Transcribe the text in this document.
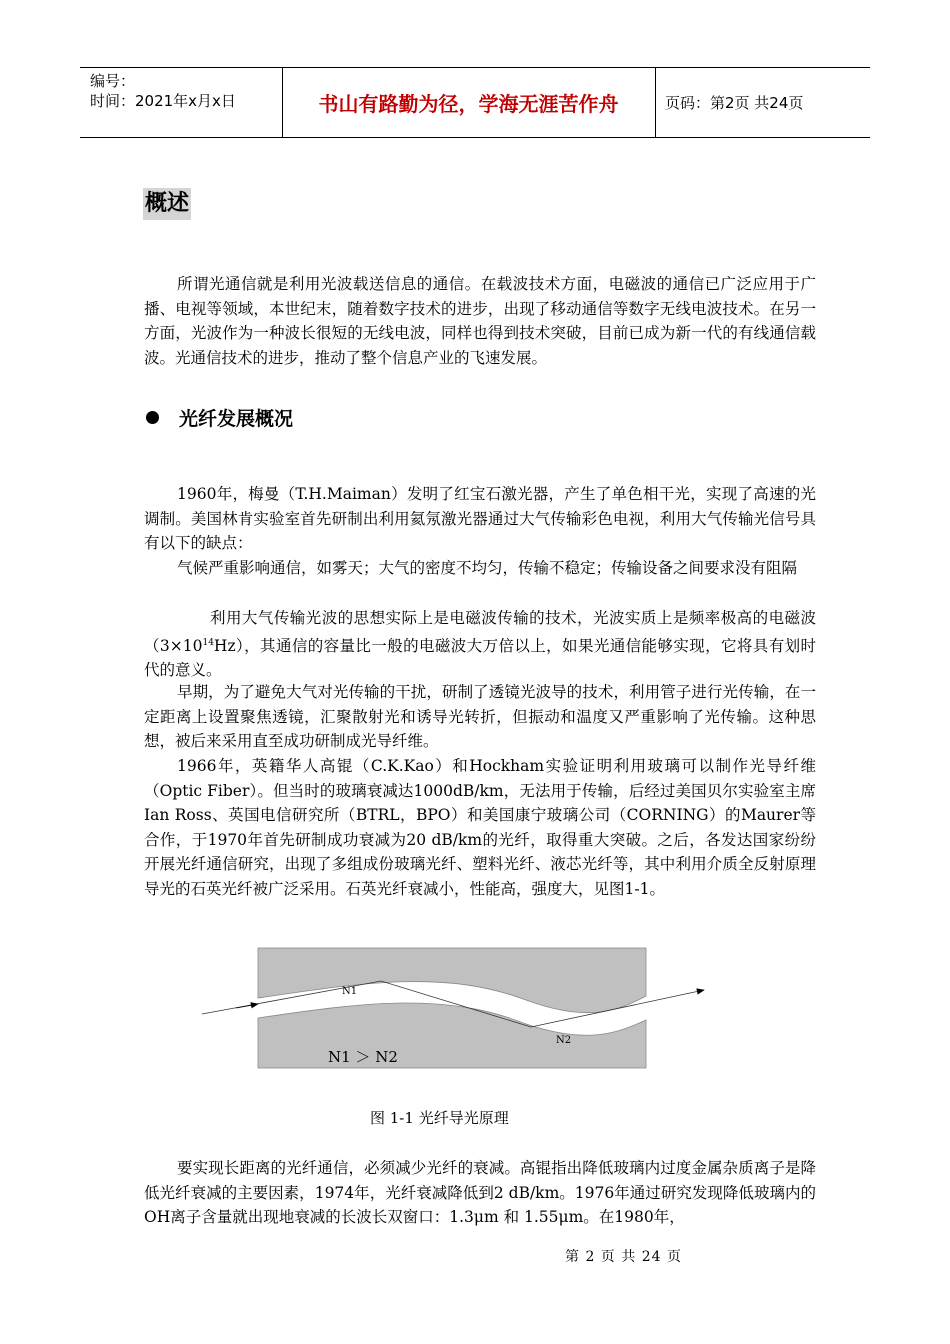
编号：
时间：2021年x月x日	书山有路勤为径，学海无涯苦作舟	页码：第2页 共24页
概述

所谓光通信就是利用光波载送信息的通信。在载波技术方面，电磁波的通信已广泛应用于广播、电视等领域，本世纪末，随着数字技术的进步，出现了移动通信等数字无线电波技术。在另一方面，光波作为一种波长很短的无线电波，同样也得到技术突破，目前已成为新一代的有线通信载波。光通信技术的进步，推动了整个信息产业的飞速发展。

光纤发展概况

1960年，梅曼（T.H.Maiman）发明了红宝石激光器，产生了单色相干光，实现了高速的光调制。美国林肯实验室首先研制出利用氦氖激光器通过大气传输彩色电视，利用大气传输光信号具有以下的缺点：

气候严重影响通信，如雾天；大气的密度不均匀，传输不稳定；传输设备之间要求没有阻隔

利用大气传输光波的思想实际上是电磁波传输的技术，光波实质上是频率极高的电磁波$(3\times 10^{14}Hz)$，其通信的容量比一般的电磁波大万倍以上，如果光通信能够实现，它将具有划时代的意义。

早期，为了避免大气对光传输的干扰，研制了透镜光波导的技术，利用管子进行光传输，在一定距离上设置聚焦透镜，汇聚散射光和诱导光转折，但振动和温度又严重影响了光传输。这种思想，被后来采用直至成功研制成光导纤维。

1966年，英籍华人高锟（C.K.Kao）和Hockham实验证明利用玻璃可以制作光导纤维（Optic Fiber）。但当时的玻璃衰减达1000dB/km，无法用于传输，后经过美国贝尔实验室主席Ian Ross、英国电信研究所（BTRL，BPO）和美国康宁玻璃公司（CORNING）的Maurer等合作，于1970年首先研制成功衰减为20 dB/km的光纤，取得重大突破。之后，各发达国家纷纷开展光纤通信研究，出现了多组成份玻璃光纤、塑料光纤、液芯光纤等，其中利用介质全反射原理导光的石英光纤被广泛采用。石英光纤衰减小，性能高，强度大，见图1-1。

N1
N2
N1 ＞ N2
图 1-1 光纤导光原理

要实现长距离的光纤通信，必须减少光纤的衰减。高锟指出降低玻璃内过度金属杂质离子是降低光纤衰减的主要因素，1974年，光纤衰减降低到2 dB/km。1976年通过研究发现降低玻璃内的OH离子含量就出现地衰减的长波长双窗口：1.3μm 和 1.55μm。在1980年，

第 2 页 共 24 页
